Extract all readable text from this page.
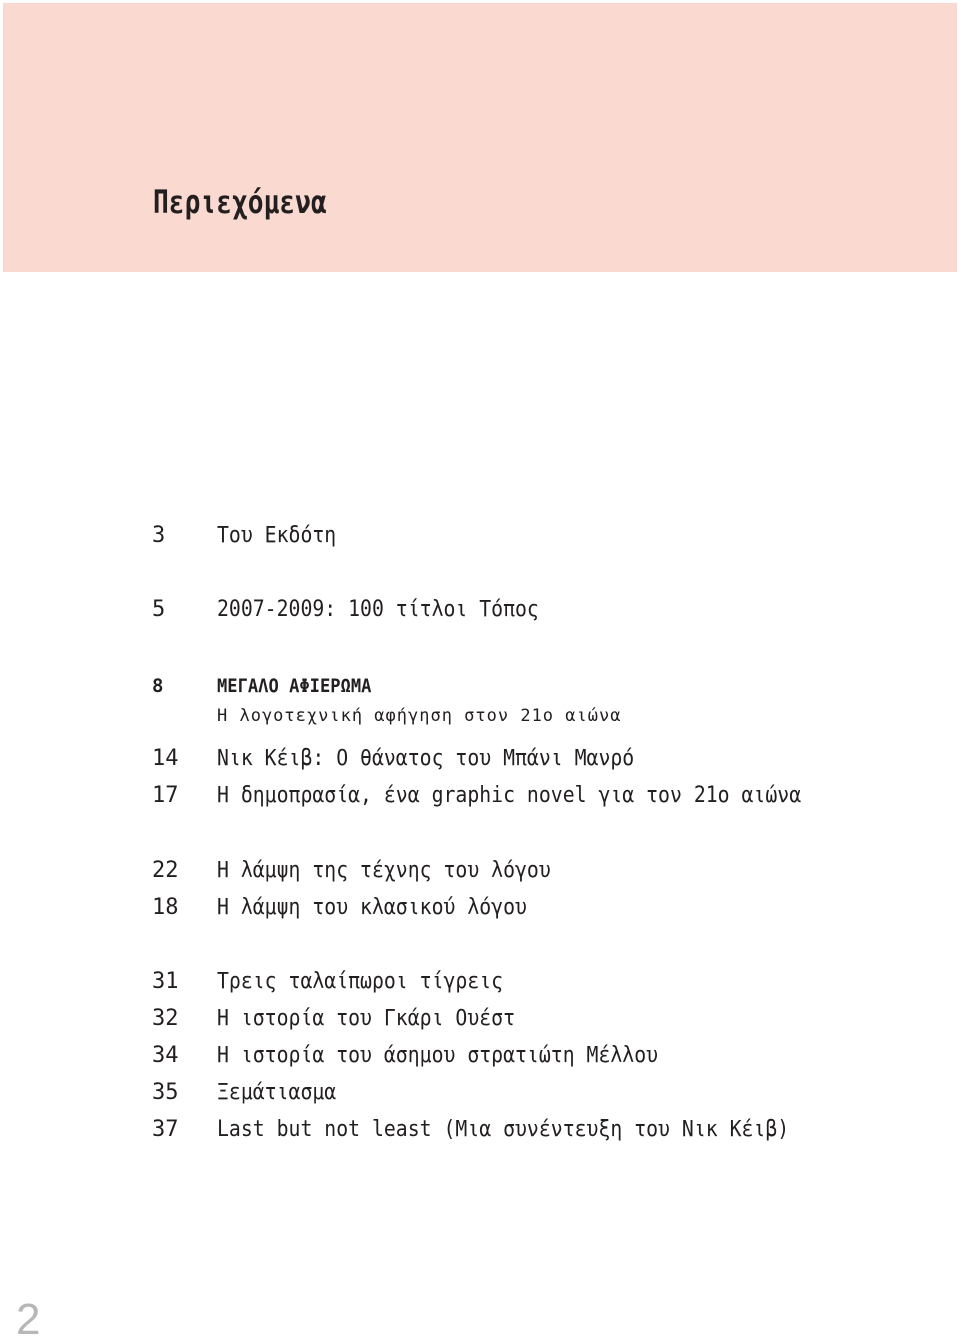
Περιεχόμενα
3	Του Εκδότη
5	2007-2009: 100 τίτλοι Τόπος
8	ΜΕΓΑΛΟ ΑΦΙΕΡΩΜΑ
Η λογοτεχνική αφήγηση στον 21ο αιώνα
14	Νικ Κέιβ: Ο θάνατος του Μπάνι Μανρό
17	Η δημοπρασία, ένα graphic novel για τον 21ο αιώνα
22	Η λάμψη της τέχνης του λόγου
18	Η λάμψη του κλασικού λόγου
31	Τρεις ταλαίπωροι τίγρεις
32	Η ιστορία του Γκάρι Ουέστ
34	Η ιστορία του άσημου στρατιώτη Μέλλου
35	Ξεμάτιασμα
37	Last but not least (Μια συνέντευξη του Νικ Κέιβ)
2
